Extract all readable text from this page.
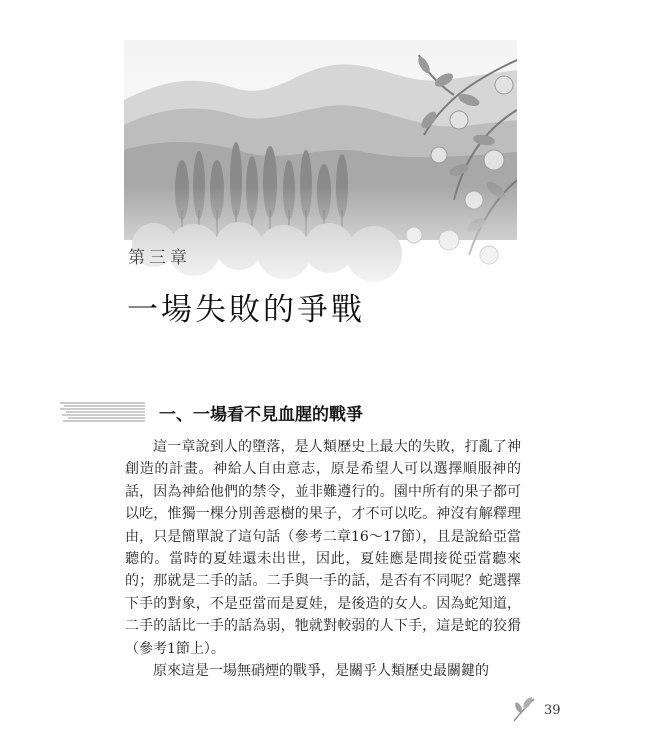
第三章
一場失敗的爭戰
一、一場看不見血腥的戰爭

這一章說到人的墮落，是人類歷史上最大的失敗，打亂了神創造的計畫。神給人自由意志，原是希望人可以選擇順服神的話，因為神給他們的禁令，並非難遵行的。園中所有的果子都可以吃，惟獨一棵分別善惡樹的果子，才不可以吃。神沒有解釋理由，只是簡單說了這句話（參考二章16～17節），且是說給亞當聽的。當時的夏娃還未出世，因此，夏娃應是間接從亞當聽來的；那就是二手的話。二手與一手的話，是否有不同呢？蛇選擇下手的對象，不是亞當而是夏娃，是後造的女人。因為蛇知道，二手的話比一手的話為弱，牠就對較弱的人下手，這是蛇的狡猾（參考1節上）。

原來這是一場無硝煙的戰爭，是關乎人類歷史最關鍵的

39
